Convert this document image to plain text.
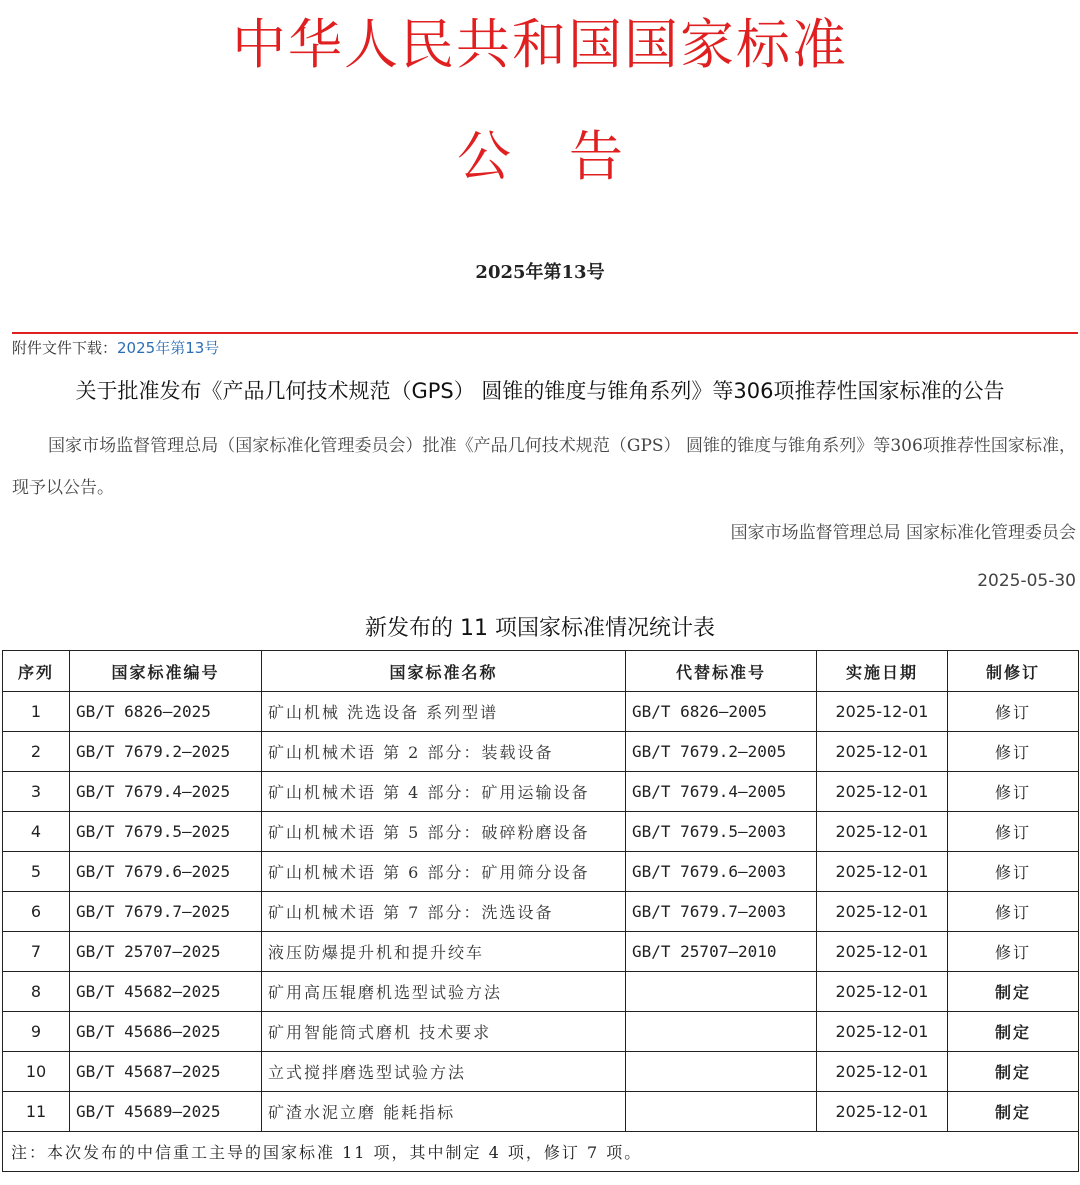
中华人民共和国国家标准
公告
2025年第13号
附件文件下载：2025年第13号
关于批准发布《产品几何技术规范（GPS） 圆锥的锥度与锥角系列》等306项推荐性国家标准的公告

国家市场监督管理总局（国家标准化管理委员会）批准《产品几何技术规范（GPS） 圆锥的锥度与锥角系列》等306项推荐性国家标准，现予以公告。

国家市场监督管理总局 国家标准化管理委员会
2025-05-30
新发布的 11 项国家标准情况统计表
序列	国家标准编号	国家标准名称	代替标准号	实施日期	制修订
1	GB/T 6826—2025	矿山机械 洗选设备 系列型谱	GB/T 6826—2005	2025-12-01	修订
2	GB/T 7679.2—2025	矿山机械术语 第 2 部分：装载设备	GB/T 7679.2—2005	2025-12-01	修订
3	GB/T 7679.4—2025	矿山机械术语 第 4 部分：矿用运输设备	GB/T 7679.4—2005	2025-12-01	修订
4	GB/T 7679.5—2025	矿山机械术语 第 5 部分：破碎粉磨设备	GB/T 7679.5—2003	2025-12-01	修订
5	GB/T 7679.6—2025	矿山机械术语 第 6 部分：矿用筛分设备	GB/T 7679.6—2003	2025-12-01	修订
6	GB/T 7679.7—2025	矿山机械术语 第 7 部分：洗选设备	GB/T 7679.7—2003	2025-12-01	修订
7	GB/T 25707—2025	液压防爆提升机和提升绞车	GB/T 25707—2010	2025-12-01	修订
8	GB/T 45682—2025	矿用高压辊磨机选型试验方法		2025-12-01	制定
9	GB/T 45686—2025	矿用智能筒式磨机 技术要求		2025-12-01	制定
10	GB/T 45687—2025	立式搅拌磨选型试验方法		2025-12-01	制定
11	GB/T 45689—2025	矿渣水泥立磨 能耗指标		2025-12-01	制定
注：本次发布的中信重工主导的国家标准 11 项，其中制定 4 项，修订 7 项。					
